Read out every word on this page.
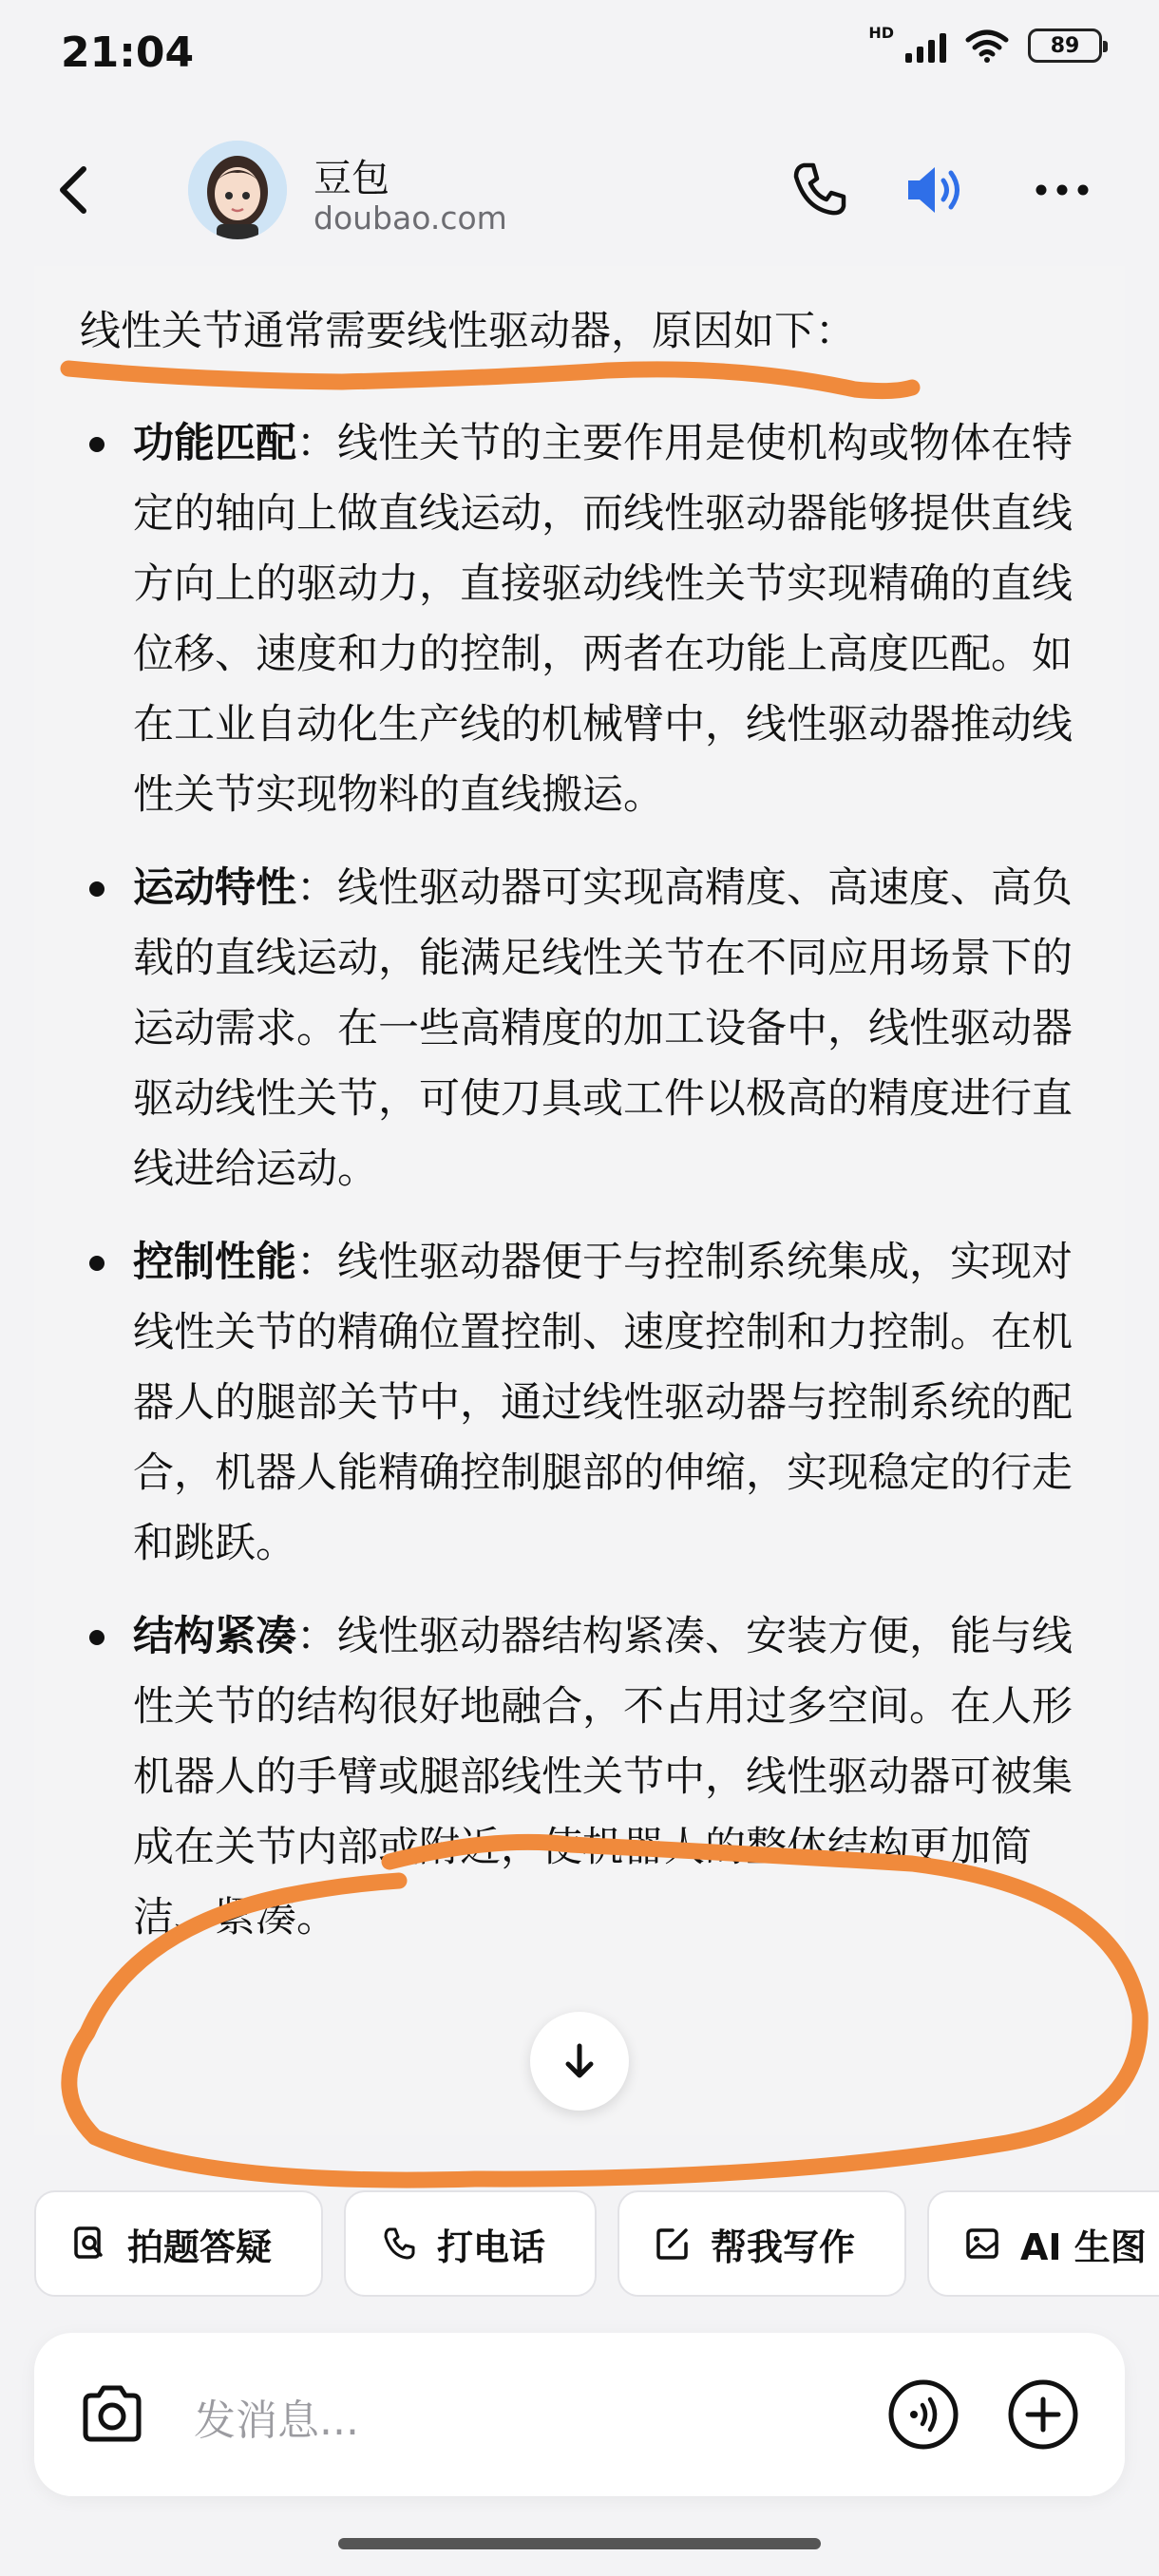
21:04	HD
89
豆包
doubao.com
线性关节通常需要线性驱动器，原因如下：
功能匹配：线性关节的主要作用是使机构或物体在特定的轴向上做直线运动，而线性驱动器能够提供直线方向上的驱动力，直接驱动线性关节实现精确的直线位移、速度和力的控制，两者在功能上高度匹配。如在工业自动化生产线的机械臂中，线性驱动器推动线性关节实现物料的直线搬运。
运动特性：线性驱动器可实现高精度、高速度、高负载的直线运动，能满足线性关节在不同应用场景下的运动需求。在一些高精度的加工设备中，线性驱动器驱动线性关节，可使刀具或工件以极高的精度进行直线进给运动。
控制性能：线性驱动器便于与控制系统集成，实现对线性关节的精确位置控制、速度控制和力控制。在机器人的腿部关节中，通过线性驱动器与控制系统的配合，机器人能精确控制腿部的伸缩，实现稳定的行走和跳跃。
结构紧凑：线性驱动器结构紧凑、安装方便，能与线性关节的结构很好地融合，不占用过多空间。在人形机器人的手臂或腿部线性关节中，线性驱动器可被集成在关节内部或附近，使机器人的整体结构更加简洁、紧凑。
拍题答疑	打电话	帮我写作	AI 生图
发消息...
